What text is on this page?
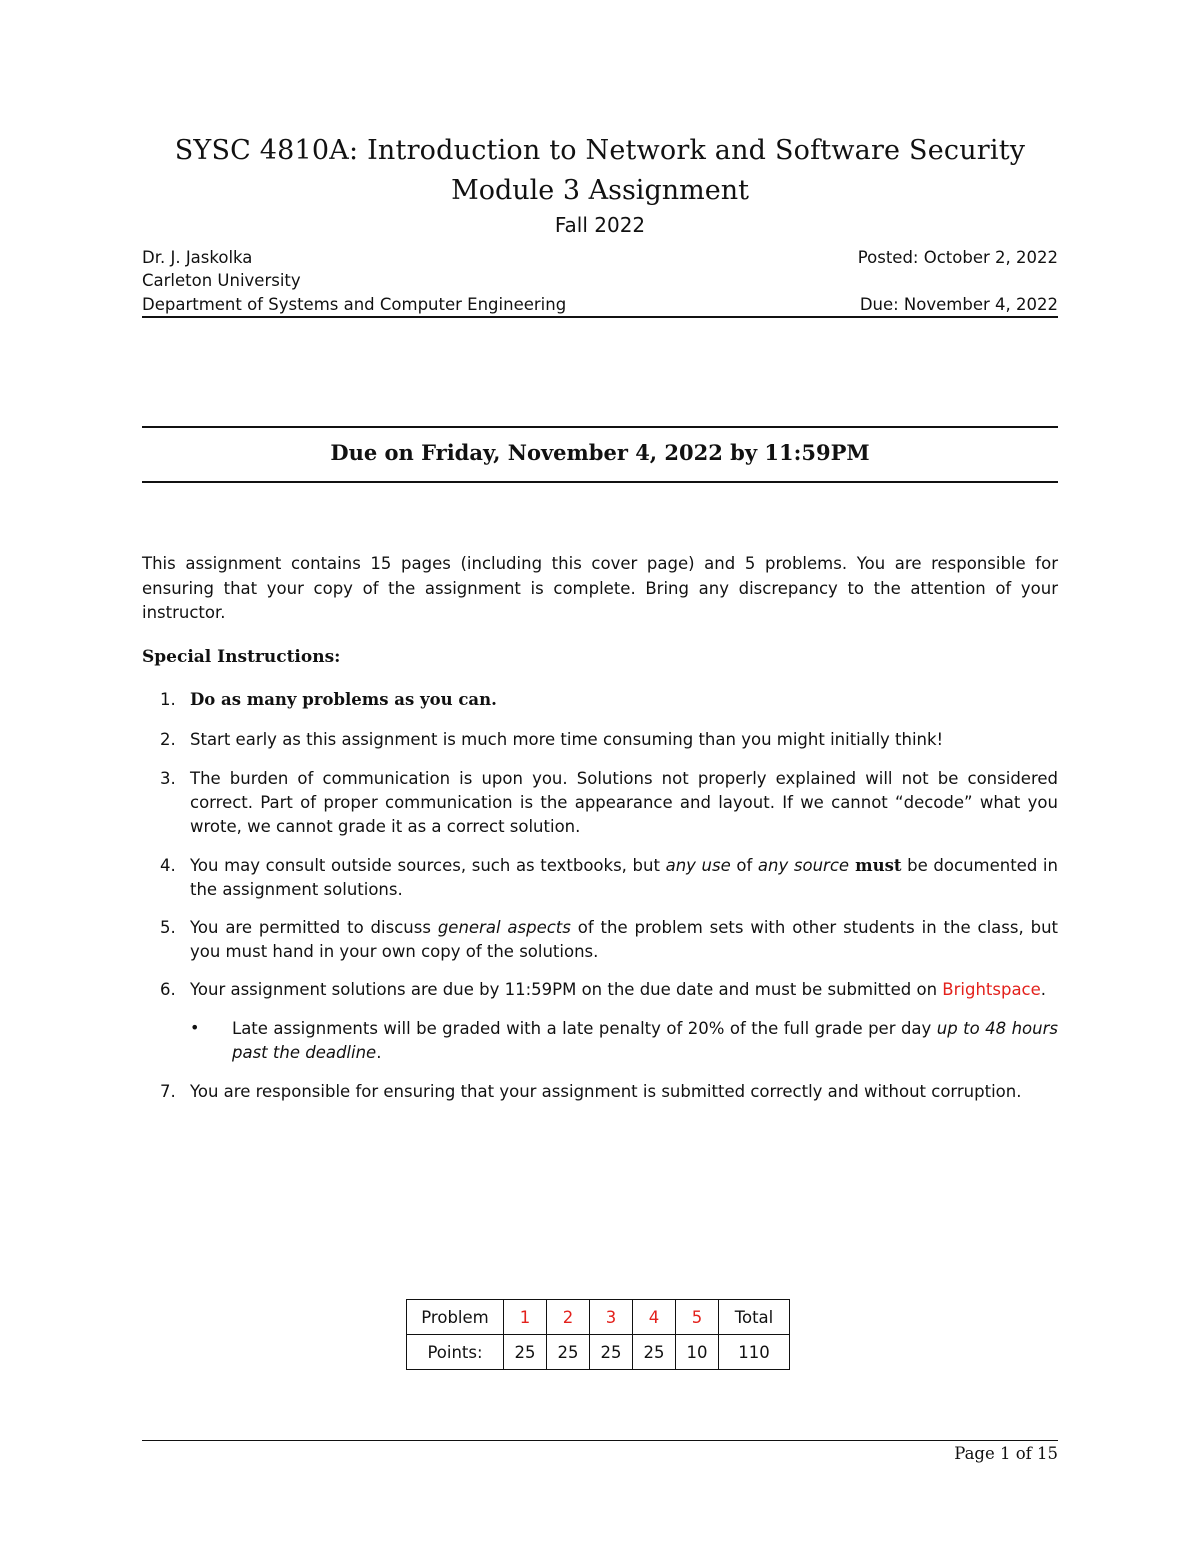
SYSC 4810A: Introduction to Network and Software Security
Module 3 Assignment
Fall 2022
Dr. J. Jaskolka
Carleton University
Department of Systems and Computer Engineering
Posted: October 2, 2022
Due: November 4, 2022
Due on Friday, November 4, 2022 by 11:59PM
This assignment contains 15 pages (including this cover page) and 5 problems. You are responsible for ensuring that your copy of the assignment is complete. Bring any discrepancy to the attention of your instructor.
Special Instructions:
1. Do as many problems as you can.
2. Start early as this assignment is much more time consuming than you might initially think!
3. The burden of communication is upon you. Solutions not properly explained will not be considered correct. Part of proper communication is the appearance and layout. If we cannot “decode” what you wrote, we cannot grade it as a correct solution.
4. You may consult outside sources, such as textbooks, but any use of any source must be documented in the assignment solutions.
5. You are permitted to discuss general aspects of the problem sets with other students in the class, but you must hand in your own copy of the solutions.
6. Your assignment solutions are due by 11:59PM on the due date and must be submitted on Brightspace.
• Late assignments will be graded with a late penalty of 20% of the full grade per day up to 48 hours past the deadline.
7. You are responsible for ensuring that your assignment is submitted correctly and without corruption.
Problem	1	2	3	4	5	Total
Points:	25	25	25	25	10	110
Page 1 of 15
